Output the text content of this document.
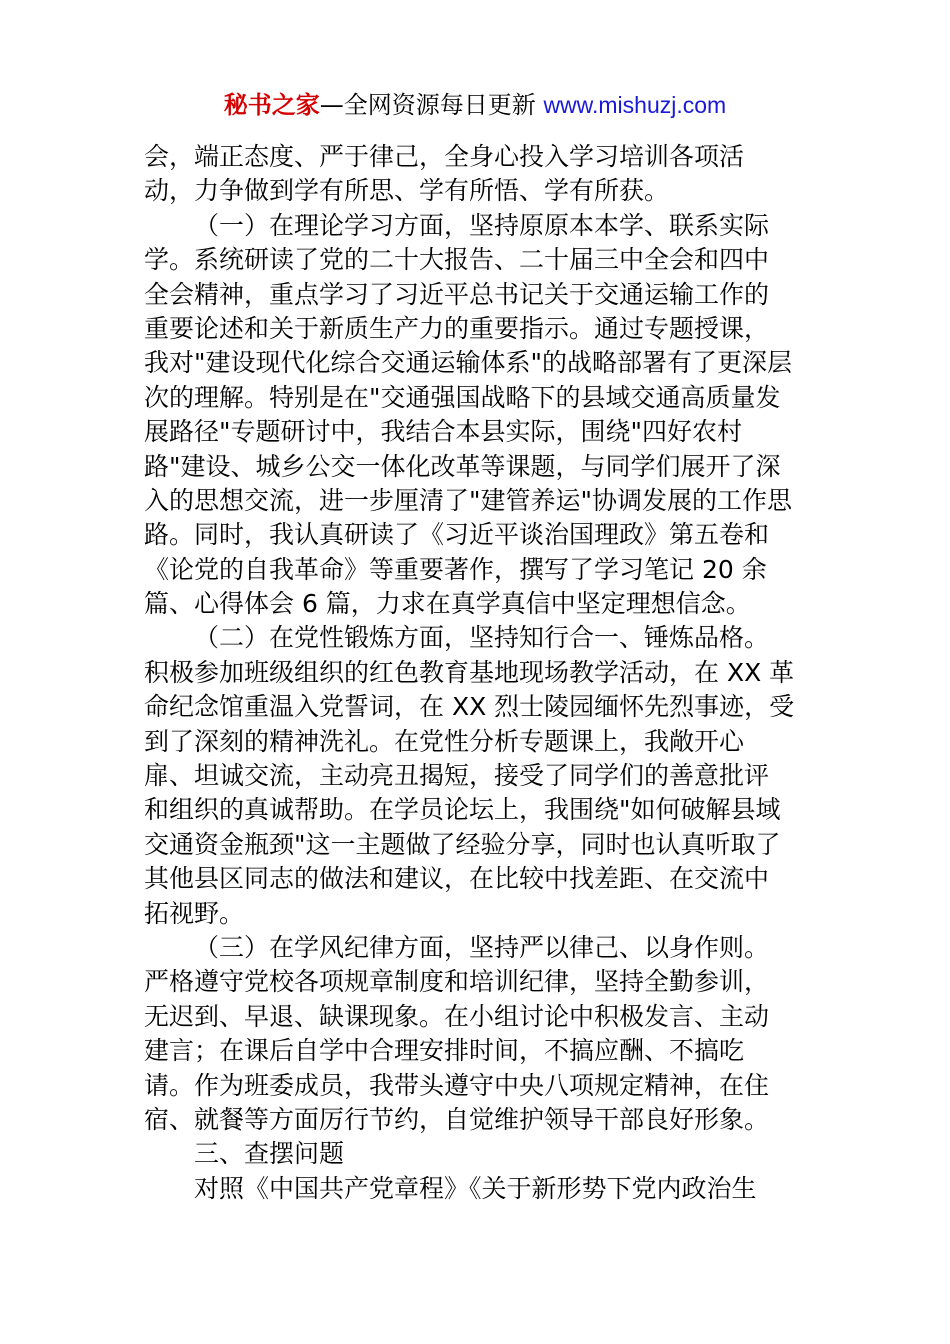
秘书之家—全网资源每日更新 www.mishuzj.com
会，端正态度、严于律己，全身心投入学习培训各项活
动，力争做到学有所思、学有所悟、学有所获。
（一）在理论学习方面，坚持原原本本学、联系实际
学。系统研读了党的二十大报告、二十届三中全会和四中
全会精神，重点学习了习近平总书记关于交通运输工作的
重要论述和关于新质生产力的重要指示。通过专题授课，
我对"建设现代化综合交通运输体系"的战略部署有了更深层
次的理解。特别是在"交通强国战略下的县域交通高质量发
展路径"专题研讨中，我结合本县实际，围绕"四好农村
路"建设、城乡公交一体化改革等课题，与同学们展开了深
入的思想交流，进一步厘清了"建管养运"协调发展的工作思
路。同时，我认真研读了《习近平谈治国理政》第五卷和
《论党的自我革命》等重要著作，撰写了学习笔记 20 余
篇、心得体会 6 篇，力求在真学真信中坚定理想信念。
（二）在党性锻炼方面，坚持知行合一、锤炼品格。
积极参加班级组织的红色教育基地现场教学活动，在 XX 革
命纪念馆重温入党誓词，在 XX 烈士陵园缅怀先烈事迹，受
到了深刻的精神洗礼。在党性分析专题课上，我敞开心
扉、坦诚交流，主动亮丑揭短，接受了同学们的善意批评
和组织的真诚帮助。在学员论坛上，我围绕"如何破解县域
交通资金瓶颈"这一主题做了经验分享，同时也认真听取了
其他县区同志的做法和建议，在比较中找差距、在交流中
拓视野。
（三）在学风纪律方面，坚持严以律己、以身作则。
严格遵守党校各项规章制度和培训纪律，坚持全勤参训，
无迟到、早退、缺课现象。在小组讨论中积极发言、主动
建言；在课后自学中合理安排时间，不搞应酬、不搞吃
请。作为班委成员，我带头遵守中央八项规定精神，在住
宿、就餐等方面厉行节约，自觉维护领导干部良好形象。
三、查摆问题
对照《中国共产党章程》《关于新形势下党内政治生
